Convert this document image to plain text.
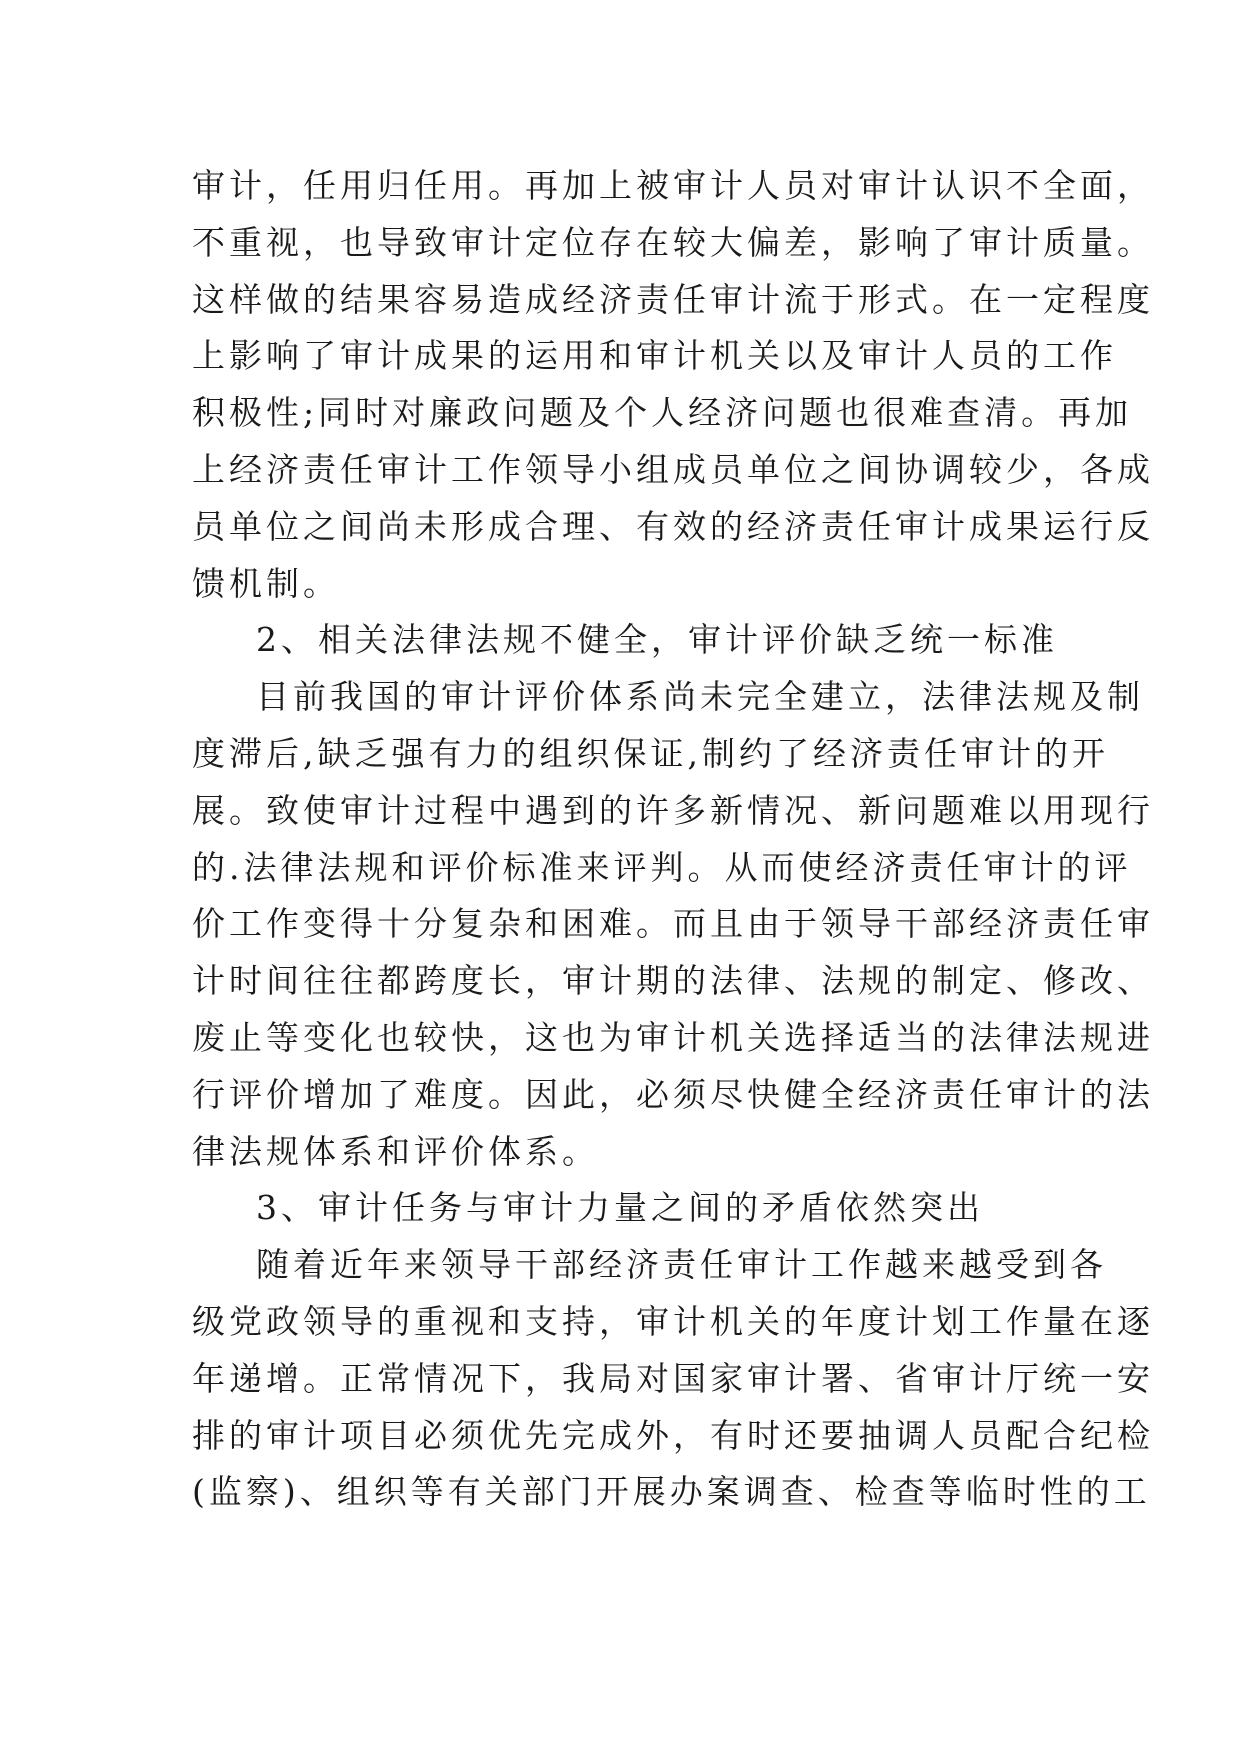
审计，任用归任用。再加上被审计人员对审计认识不全面，
不重视，也导致审计定位存在较大偏差，影响了审计质量。
这样做的结果容易造成经济责任审计流于形式。在一定程度
上影响了审计成果的运用和审计机关以及审计人员的工作
积极性;同时对廉政问题及个人经济问题也很难查清。再加
上经济责任审计工作领导小组成员单位之间协调较少，各成
员单位之间尚未形成合理、有效的经济责任审计成果运行反
馈机制。
2、相关法律法规不健全，审计评价缺乏统一标准
目前我国的审计评价体系尚未完全建立，法律法规及制
度滞后,缺乏强有力的组织保证,制约了经济责任审计的开
展。致使审计过程中遇到的许多新情况、新问题难以用现行
的.法律法规和评价标准来评判。从而使经济责任审计的评
价工作变得十分复杂和困难。而且由于领导干部经济责任审
计时间往往都跨度长，审计期的法律、法规的制定、修改、
废止等变化也较快，这也为审计机关选择适当的法律法规进
行评价增加了难度。因此，必须尽快健全经济责任审计的法
律法规体系和评价体系。
3、审计任务与审计力量之间的矛盾依然突出
随着近年来领导干部经济责任审计工作越来越受到各
级党政领导的重视和支持，审计机关的年度计划工作量在逐
年递增。正常情况下，我局对国家审计署、省审计厅统一安
排的审计项目必须优先完成外，有时还要抽调人员配合纪检
(监察)、组织等有关部门开展办案调查、检查等临时性的工
